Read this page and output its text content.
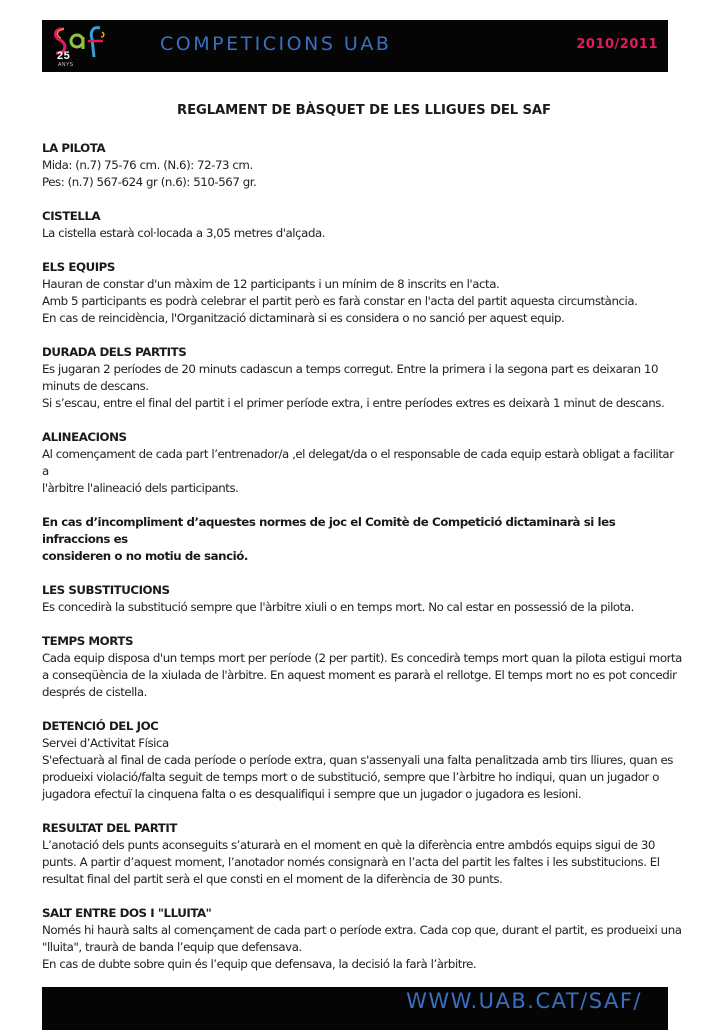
25
ANYS
COMPETICIONS UAB	2010/2011
REGLAMENT DE BÀSQUET DE LES LLIGUES DEL SAF

LA PILOTA

Mida: (n.7) 75-76 cm. (N.6): 72-73 cm.

Pes: (n.7) 567-624 gr (n.6): 510-567 gr.

CISTELLA

La cistella estarà col·locada a 3,05 metres d'alçada.

ELS EQUIPS

Hauran de constar d'un màxim de 12 participants i un mínim de 8 inscrits en l'acta.

Amb 5 participants es podrà celebrar el partit però es farà constar en l'acta del partit aquesta circumstància.

En cas de reincidència, l'Organització dictaminarà si es considera o no sanció per aquest equip.

DURADA DELS PARTITS

Es jugaran 2 períodes de 20 minuts cadascun a temps corregut. Entre la primera i la segona part es deixaran 10

minuts de descans.

Si s’escau, entre el final del partit i el primer període extra, i entre períodes extres es deixarà 1 minut de descans.

ALINEACIONS

Al començament de cada part l’entrenador/a ,el delegat/da o el responsable de cada equip estarà obligat a facilitar a

l'àrbitre l'alineació dels participants.

En cas d’incompliment d’aquestes normes de joc el Comitè de Competició dictaminarà si les infraccions es

consideren o no motiu de sanció.

LES SUBSTITUCIONS

Es concedirà la substitució sempre que l'àrbitre xiuli o en temps mort. No cal estar en possessió de la pilota.

TEMPS MORTS

Cada equip disposa d'un temps mort per període (2 per partit). Es concedirà temps mort quan la pilota estigui morta

a conseqüència de la xiulada de l'àrbitre. En aquest moment es pararà el rellotge. El temps mort no es pot concedir

després de cistella.

DETENCIÓ DEL JOC

Servei d’Activitat Física

S'efectuarà al final de cada període o període extra, quan s'assenyali una falta penalitzada amb tirs lliures, quan es

produeixi violació/falta seguit de temps mort o de substitució, sempre que l’àrbitre ho indiqui, quan un jugador o

jugadora efectuï la cinquena falta o es desqualifiqui i sempre que un jugador o jugadora es lesioni.

RESULTAT DEL PARTIT

L’anotació dels punts aconseguits s’aturarà en el moment en què la diferència entre ambdós equips sigui de 30

punts. A partir d’aquest moment, l’anotador només consignarà en l’acta del partit les faltes i les substitucions. El

resultat final del partit serà el que consti en el moment de la diferència de 30 punts.

SALT ENTRE DOS I "LLUITA"

Només hi haurà salts al començament de cada part o període extra. Cada cop que, durant el partit, es produeixi una

"lluita", traurà de banda l’equip que defensava.

En cas de dubte sobre quin és l’equip que defensava, la decisió la farà l’àrbitre.

WWW.UAB.CAT/SAF/
